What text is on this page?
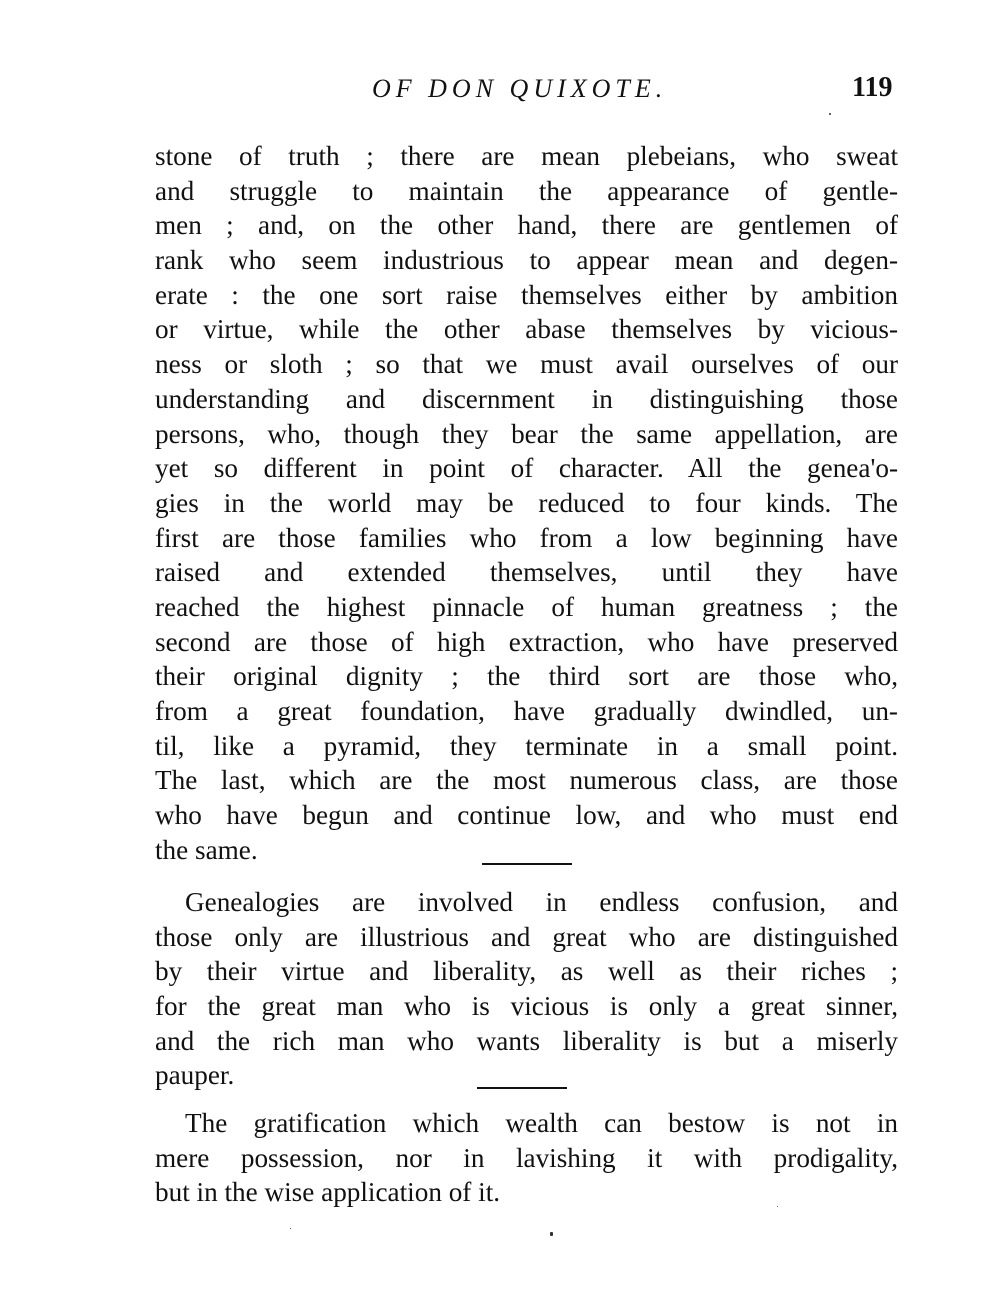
OF DON QUIXOTE.	119
stone of truth ; there are mean plebeians, who sweat
and struggle to maintain the appearance of gentle-
men ; and, on the other hand, there are gentlemen of
rank who seem industrious to appear mean and degen-
erate : the one sort raise themselves either by ambition
or virtue, while the other abase themselves by vicious-
ness or sloth ; so that we must avail ourselves of our
understanding and discernment in distinguishing those
persons, who, though they bear the same appellation, are
yet so different in point of character. All the genea'o-
gies in the world may be reduced to four kinds. The
first are those families who from a low beginning have
raised and extended themselves, until they have
reached the highest pinnacle of human greatness ; the
second are those of high extraction, who have preserved
their original dignity ; the third sort are those who,
from a great foundation, have gradually dwindled, un-
til, like a pyramid, they terminate in a small point.
The last, which are the most numerous class, are those
who have begun and continue low, and who must end
the same.
Genealogies are involved in endless confusion, and
those only are illustrious and great who are distinguished
by their virtue and liberality, as well as their riches ;
for the great man who is vicious is only a great sinner,
and the rich man who wants liberality is but a miserly
pauper.
The gratification which wealth can bestow is not in
mere possession, nor in lavishing it with prodigality,
but in the wise application of it.
